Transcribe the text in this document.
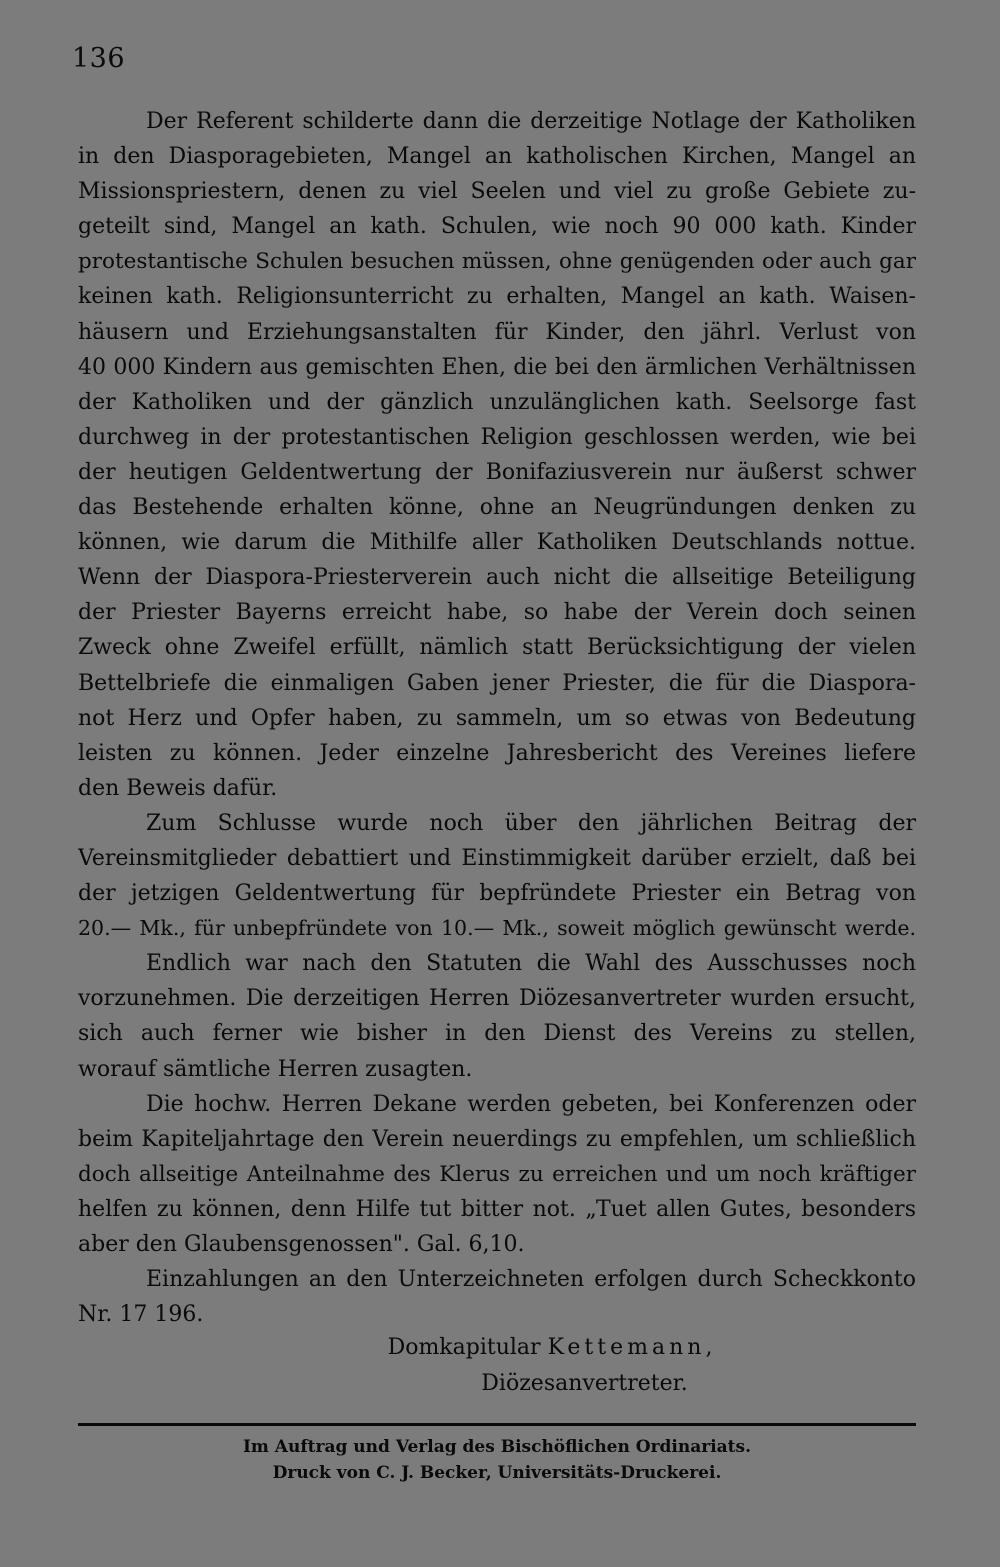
136
Der Referent schilderte dann die derzeitige Notlage der Katholiken
in den Diasporagebieten, Mangel an katholischen Kirchen, Mangel an
Missionspriestern, denen zu viel Seelen und viel zu große Gebiete zu-
geteilt sind, Mangel an kath. Schulen, wie noch 90 000 kath. Kinder
protestantische Schulen besuchen müssen, ohne genügenden oder auch gar
keinen kath. Religionsunterricht zu erhalten, Mangel an kath. Waisen-
häusern und Erziehungsanstalten für Kinder, den jährl. Verlust von
40 000 Kindern aus gemischten Ehen, die bei den ärmlichen Verhältnissen
der Katholiken und der gänzlich unzulänglichen kath. Seelsorge fast
durchweg in der protestantischen Religion geschlossen werden, wie bei
der heutigen Geldentwertung der Bonifaziusverein nur äußerst schwer
das Bestehende erhalten könne, ohne an Neugründungen denken zu
können, wie darum die Mithilfe aller Katholiken Deutschlands nottue.
Wenn der Diaspora-Priesterverein auch nicht die allseitige Beteiligung
der Priester Bayerns erreicht habe, so habe der Verein doch seinen
Zweck ohne Zweifel erfüllt, nämlich statt Berücksichtigung der vielen
Bettelbriefe die einmaligen Gaben jener Priester, die für die Diaspora-
not Herz und Opfer haben, zu sammeln, um so etwas von Bedeutung
leisten zu können. Jeder einzelne Jahresbericht des Vereines liefere
den Beweis dafür.
Zum Schlusse wurde noch über den jährlichen Beitrag der
Vereinsmitglieder debattiert und Einstimmigkeit darüber erzielt, daß bei
der jetzigen Geldentwertung für bepfründete Priester ein Betrag von
20.— Mk., für unbepfründete von 10.— Mk., soweit möglich gewünscht werde.
Endlich war nach den Statuten die Wahl des Ausschusses noch
vorzunehmen. Die derzeitigen Herren Diözesanvertreter wurden ersucht,
sich auch ferner wie bisher in den Dienst des Vereins zu stellen,
worauf sämtliche Herren zusagten.
Die hochw. Herren Dekane werden gebeten, bei Konferenzen oder
beim Kapiteljahrtage den Verein neuerdings zu empfehlen, um schließlich
doch allseitige Anteilnahme des Klerus zu erreichen und um noch kräftiger
helfen zu können, denn Hilfe tut bitter not. „Tuet allen Gutes, besonders
aber den Glaubensgenossen". Gal. 6,10.
Einzahlungen an den Unterzeichneten erfolgen durch Scheckkonto
Nr. 17 196.
Domkapitular Kettemann,
Diözesanvertreter.
Im Auftrag und Verlag des Bischöflichen Ordinariats.
Druck von C. J. Becker, Universitäts-Druckerei.
